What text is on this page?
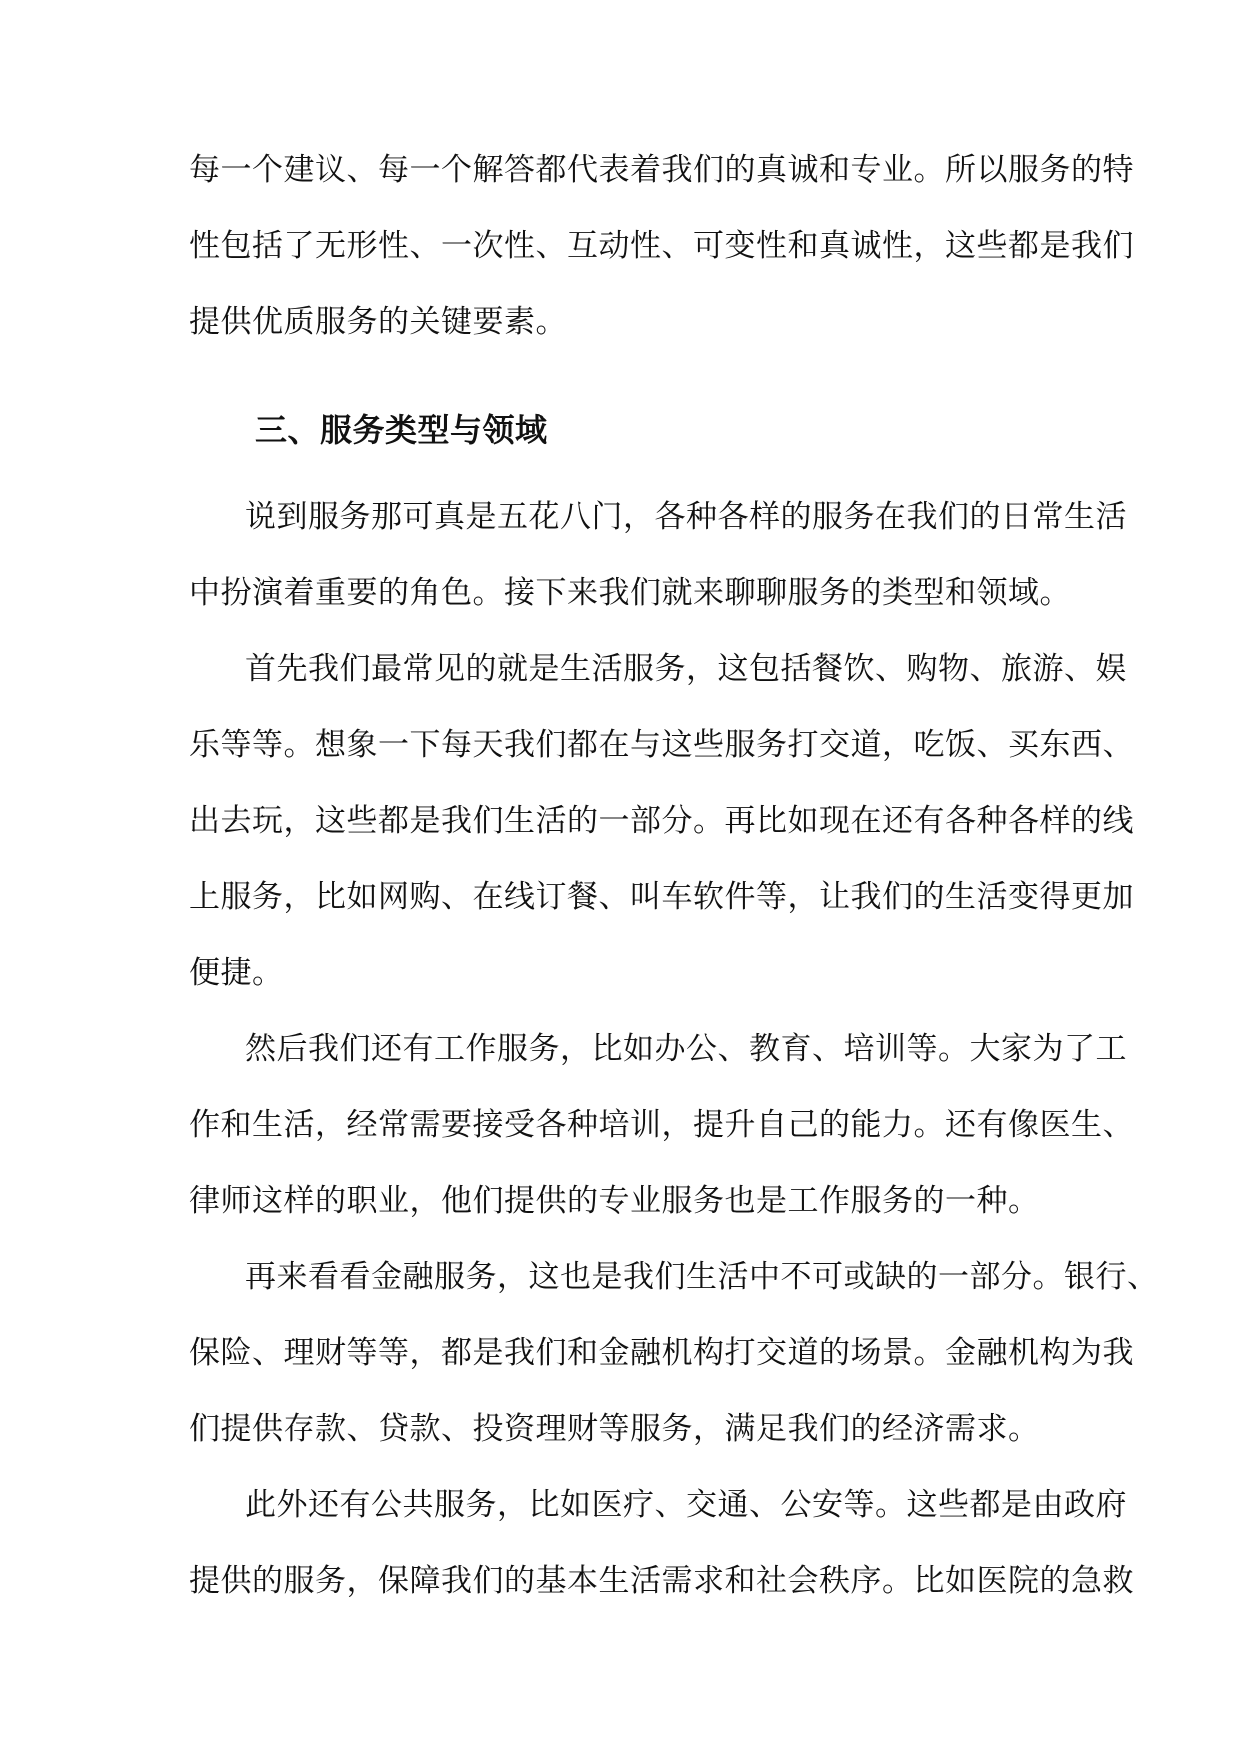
每一个建议、每一个解答都代表着我们的真诚和专业。所以服务的特
性包括了无形性、一次性、互动性、可变性和真诚性，这些都是我们
提供优质服务的关键要素。
三、服务类型与领域
说到服务那可真是五花八门，各种各样的服务在我们的日常生活
中扮演着重要的角色。接下来我们就来聊聊服务的类型和领域。
首先我们最常见的就是生活服务，这包括餐饮、购物、旅游、娱
乐等等。想象一下每天我们都在与这些服务打交道，吃饭、买东西、
出去玩，这些都是我们生活的一部分。再比如现在还有各种各样的线
上服务，比如网购、在线订餐、叫车软件等，让我们的生活变得更加
便捷。
然后我们还有工作服务，比如办公、教育、培训等。大家为了工
作和生活，经常需要接受各种培训，提升自己的能力。还有像医生、
律师这样的职业，他们提供的专业服务也是工作服务的一种。
再来看看金融服务，这也是我们生活中不可或缺的一部分。银行、
保险、理财等等，都是我们和金融机构打交道的场景。金融机构为我
们提供存款、贷款、投资理财等服务，满足我们的经济需求。
此外还有公共服务，比如医疗、交通、公安等。这些都是由政府
提供的服务，保障我们的基本生活需求和社会秩序。比如医院的急救
